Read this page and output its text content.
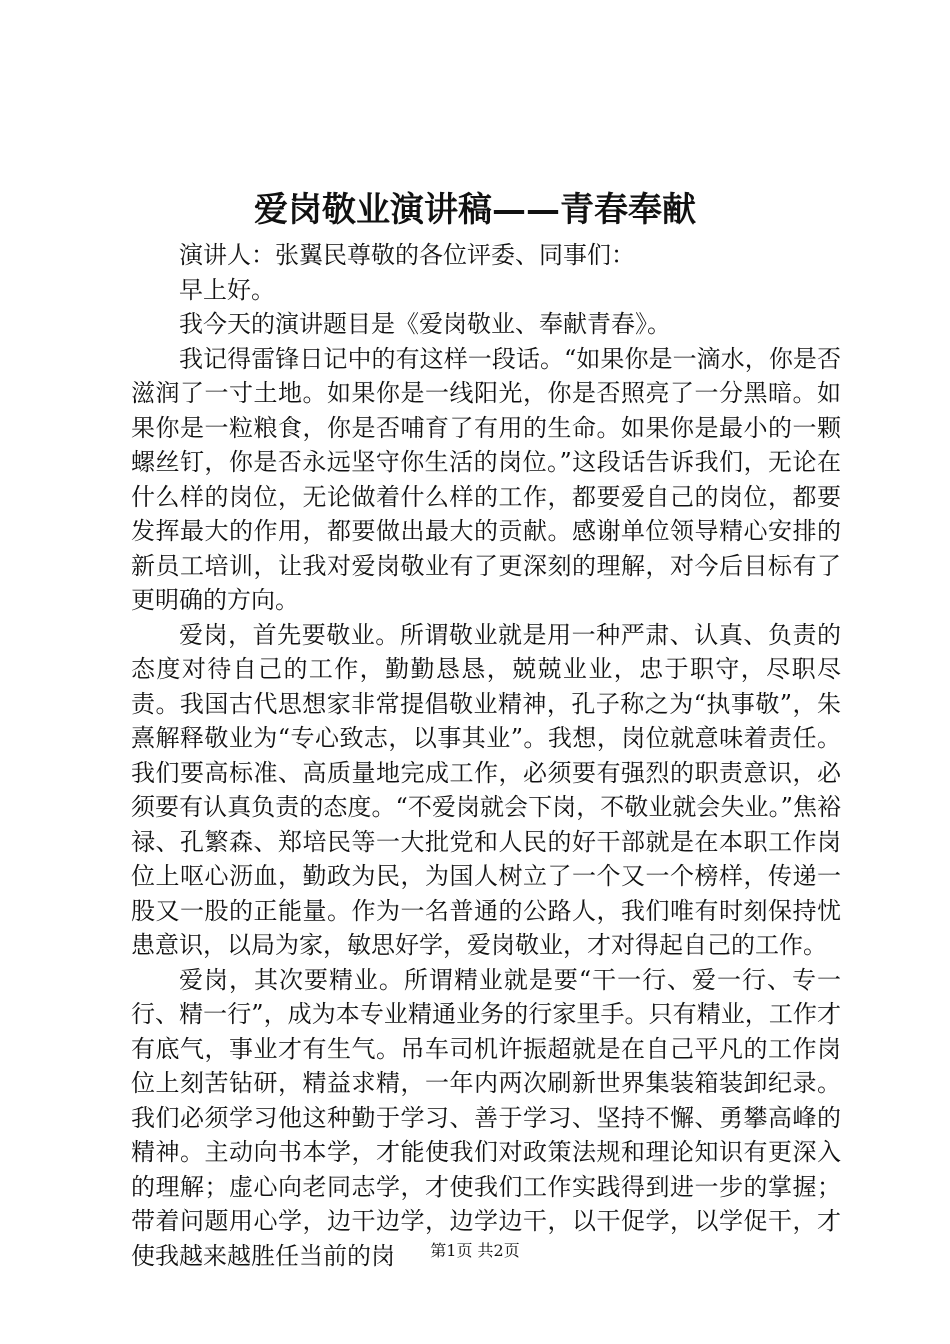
爱岗敬业演讲稿——青春奉献

演讲人：张翼民尊敬的各位评委、同事们：

早上好。

我今天的演讲题目是《爱岗敬业、奉献青春》。

我记得雷锋日记中的有这样一段话。“如果你是一滴水，你是否滋润了一寸土地。如果你是一线阳光，你是否照亮了一分黑暗。如果你是一粒粮食，你是否哺育了有用的生命。如果你是最小的一颗螺丝钉，你是否永远坚守你生活的岗位。”这段话告诉我们，无论在什么样的岗位，无论做着什么样的工作，都要爱自己的岗位，都要发挥最大的作用，都要做出最大的贡献。感谢单位领导精心安排的新员工培训，让我对爱岗敬业有了更深刻的理解，对今后目标有了更明确的方向。

爱岗，首先要敬业。所谓敬业就是用一种严肃、认真、负责的态度对待自己的工作，勤勤恳恳，兢兢业业，忠于职守，尽职尽责。我国古代思想家非常提倡敬业精神，孔子称之为“执事敬”，朱熹解释敬业为“专心致志，以事其业”。我想，岗位就意味着责任。我们要高标准、高质量地完成工作，必须要有强烈的职责意识，必须要有认真负责的态度。“不爱岗就会下岗，不敬业就会失业。”焦裕禄、孔繁森、郑培民等一大批党和人民的好干部就是在本职工作岗位上呕心沥血，勤政为民，为国人树立了一个又一个榜样，传递一股又一股的正能量。作为一名普通的公路人，我们唯有时刻保持忧患意识，以局为家，敏思好学，爱岗敬业，才对得起自己的工作。

爱岗，其次要精业。所谓精业就是要“干一行、爱一行、专一行、精一行”，成为本专业精通业务的行家里手。只有精业，工作才有底气，事业才有生气。吊车司机许振超就是在自己平凡的工作岗位上刻苦钻研，精益求精，一年内两次刷新世界集装箱装卸纪录。我们必须学习他这种勤于学习、善于学习、坚持不懈、勇攀高峰的精神。主动向书本学，才能使我们对政策法规和理论知识有更深入的理解；虚心向老同志学，才使我们工作实践得到进一步的掌握；带着问题用心学，边干边学，边学边干，以干促学，以学促干，才使我越来越胜任当前的岗	第1页 共2页
